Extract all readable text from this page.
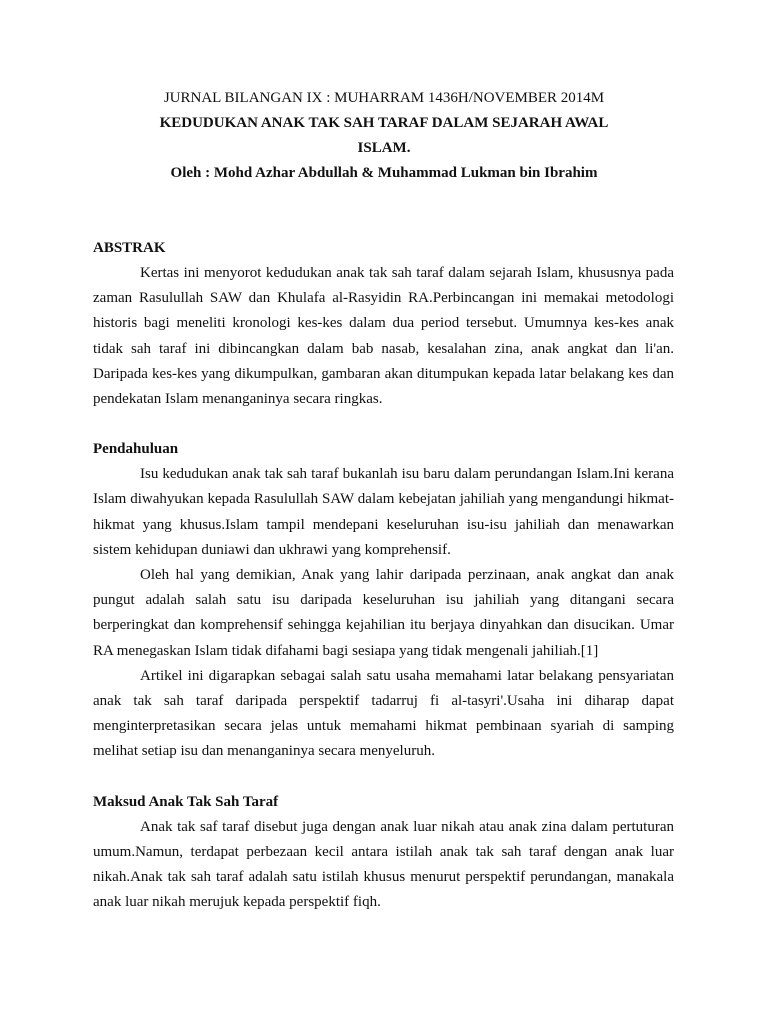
JURNAL BILANGAN IX : MUHARRAM 1436H/NOVEMBER 2014M
KEDUDUKAN ANAK TAK SAH TARAF DALAM SEJARAH AWAL
ISLAM.
Oleh : Mohd Azhar Abdullah & Muhammad Lukman bin Ibrahim
ABSTRAK

Kertas ini menyorot kedudukan anak tak sah taraf dalam sejarah Islam, khususnya pada zaman Rasulullah SAW dan Khulafa al-Rasyidin RA.Perbincangan ini memakai metodologi historis bagi meneliti kronologi kes-kes dalam dua period tersebut. Umumnya kes-kes anak tidak sah taraf ini dibincangkan dalam bab nasab, kesalahan zina, anak angkat dan li'an. Daripada kes-kes yang dikumpulkan, gambaran akan ditumpukan kepada latar belakang kes dan pendekatan Islam menanganinya secara ringkas.

Pendahuluan

Isu kedudukan anak tak sah taraf bukanlah isu baru dalam perundangan Islam.Ini kerana Islam diwahyukan kepada Rasulullah SAW dalam kebejatan jahiliah yang mengandungi hikmat-hikmat yang khusus.Islam tampil mendepani keseluruhan isu-isu jahiliah dan menawarkan sistem kehidupan duniawi dan ukhrawi yang komprehensif.

Oleh hal yang demikian, Anak yang lahir daripada perzinaan, anak angkat dan anak pungut adalah salah satu isu daripada keseluruhan isu jahiliah yang ditangani secara berperingkat dan komprehensif sehingga kejahilian itu berjaya dinyahkan dan disucikan. Umar RA menegaskan Islam tidak difahami bagi sesiapa yang tidak mengenali jahiliah.[1]

Artikel ini digarapkan sebagai salah satu usaha memahami latar belakang pensyariatan anak tak sah taraf daripada perspektif tadarruj fi al-tasyri'.Usaha ini diharap dapat menginterpretasikan secara jelas untuk memahami hikmat pembinaan syariah di samping melihat setiap isu dan menanganinya secara menyeluruh.

Maksud Anak Tak Sah Taraf

Anak tak saf taraf disebut juga dengan anak luar nikah atau anak zina dalam pertuturan umum.Namun, terdapat perbezaan kecil antara istilah anak tak sah taraf dengan anak luar nikah.Anak tak sah taraf adalah satu istilah khusus menurut perspektif perundangan, manakala anak luar nikah merujuk kepada perspektif fiqh.
